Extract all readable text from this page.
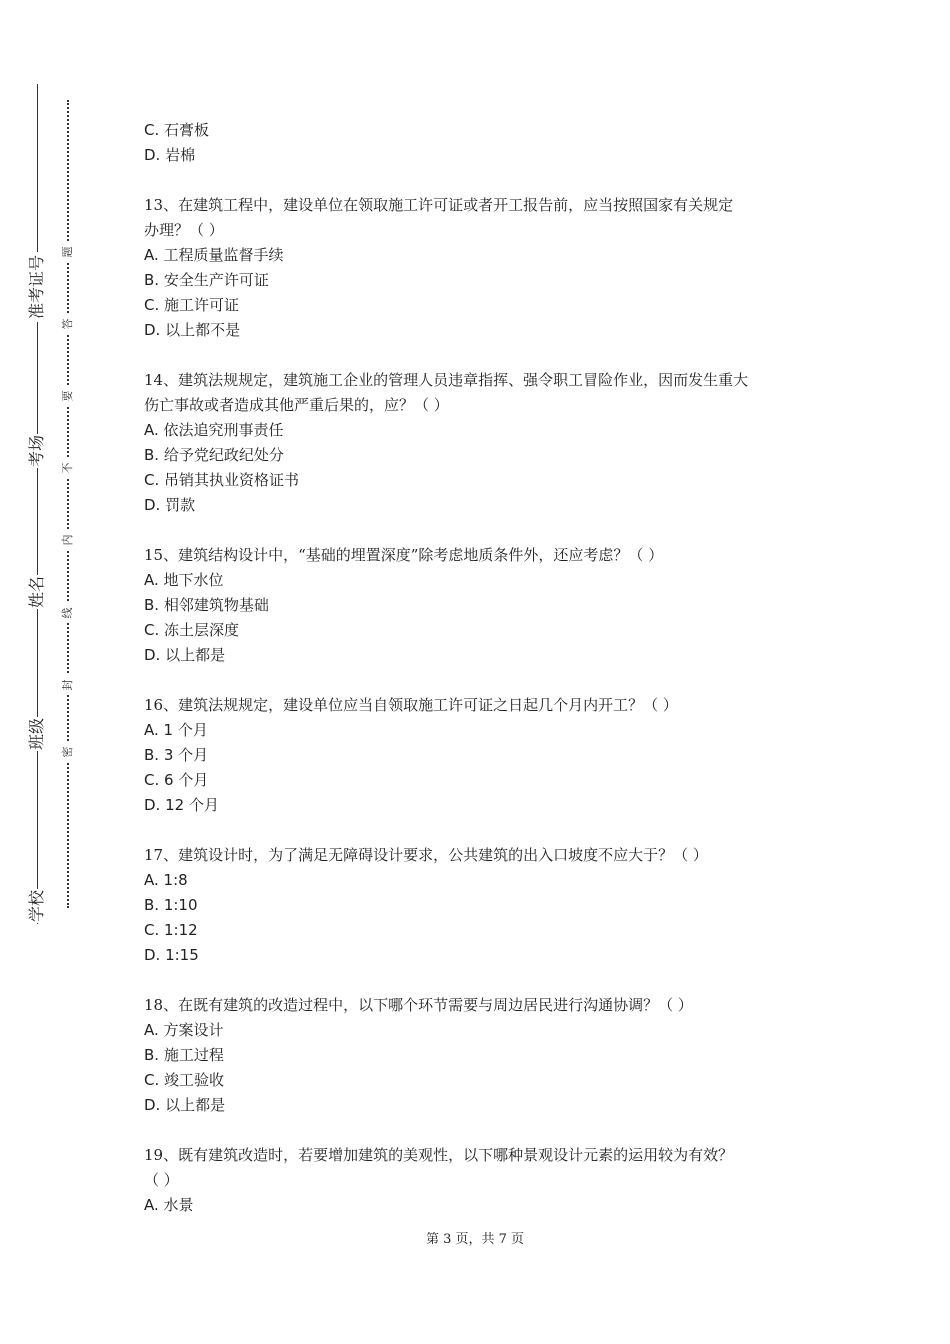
准考证号
考场
姓名
班级
学校
题
答
要
不
内
线
封
密

C. 石膏板

D. 岩棉

13、在建筑工程中，建设单位在领取施工许可证或者开工报告前，应当按照国家有关规定

办理？（ ）

A. 工程质量监督手续

B. 安全生产许可证

C. 施工许可证

D. 以上都不是

14、建筑法规规定，建筑施工企业的管理人员违章指挥、强令职工冒险作业，因而发生重大

伤亡事故或者造成其他严重后果的，应？（ ）

A. 依法追究刑事责任

B. 给予党纪政纪处分

C. 吊销其执业资格证书

D. 罚款

15、建筑结构设计中，“基础的埋置深度”除考虑地质条件外，还应考虑？（ ）

A. 地下水位

B. 相邻建筑物基础

C. 冻土层深度

D. 以上都是

16、建筑法规规定，建设单位应当自领取施工许可证之日起几个月内开工？（ ）

A. 1 个月

B. 3 个月

C. 6 个月

D. 12 个月

17、建筑设计时，为了满足无障碍设计要求，公共建筑的出入口坡度不应大于？（ ）

A. 1:8

B. 1:10

C. 1:12

D. 1:15

18、在既有建筑的改造过程中，以下哪个环节需要与周边居民进行沟通协调？（ ）

A. 方案设计

B. 施工过程

C. 竣工验收

D. 以上都是

19、既有建筑改造时，若要增加建筑的美观性，以下哪种景观设计元素的运用较为有效？

（ ）

A. 水景

第 3 页，共 7 页
